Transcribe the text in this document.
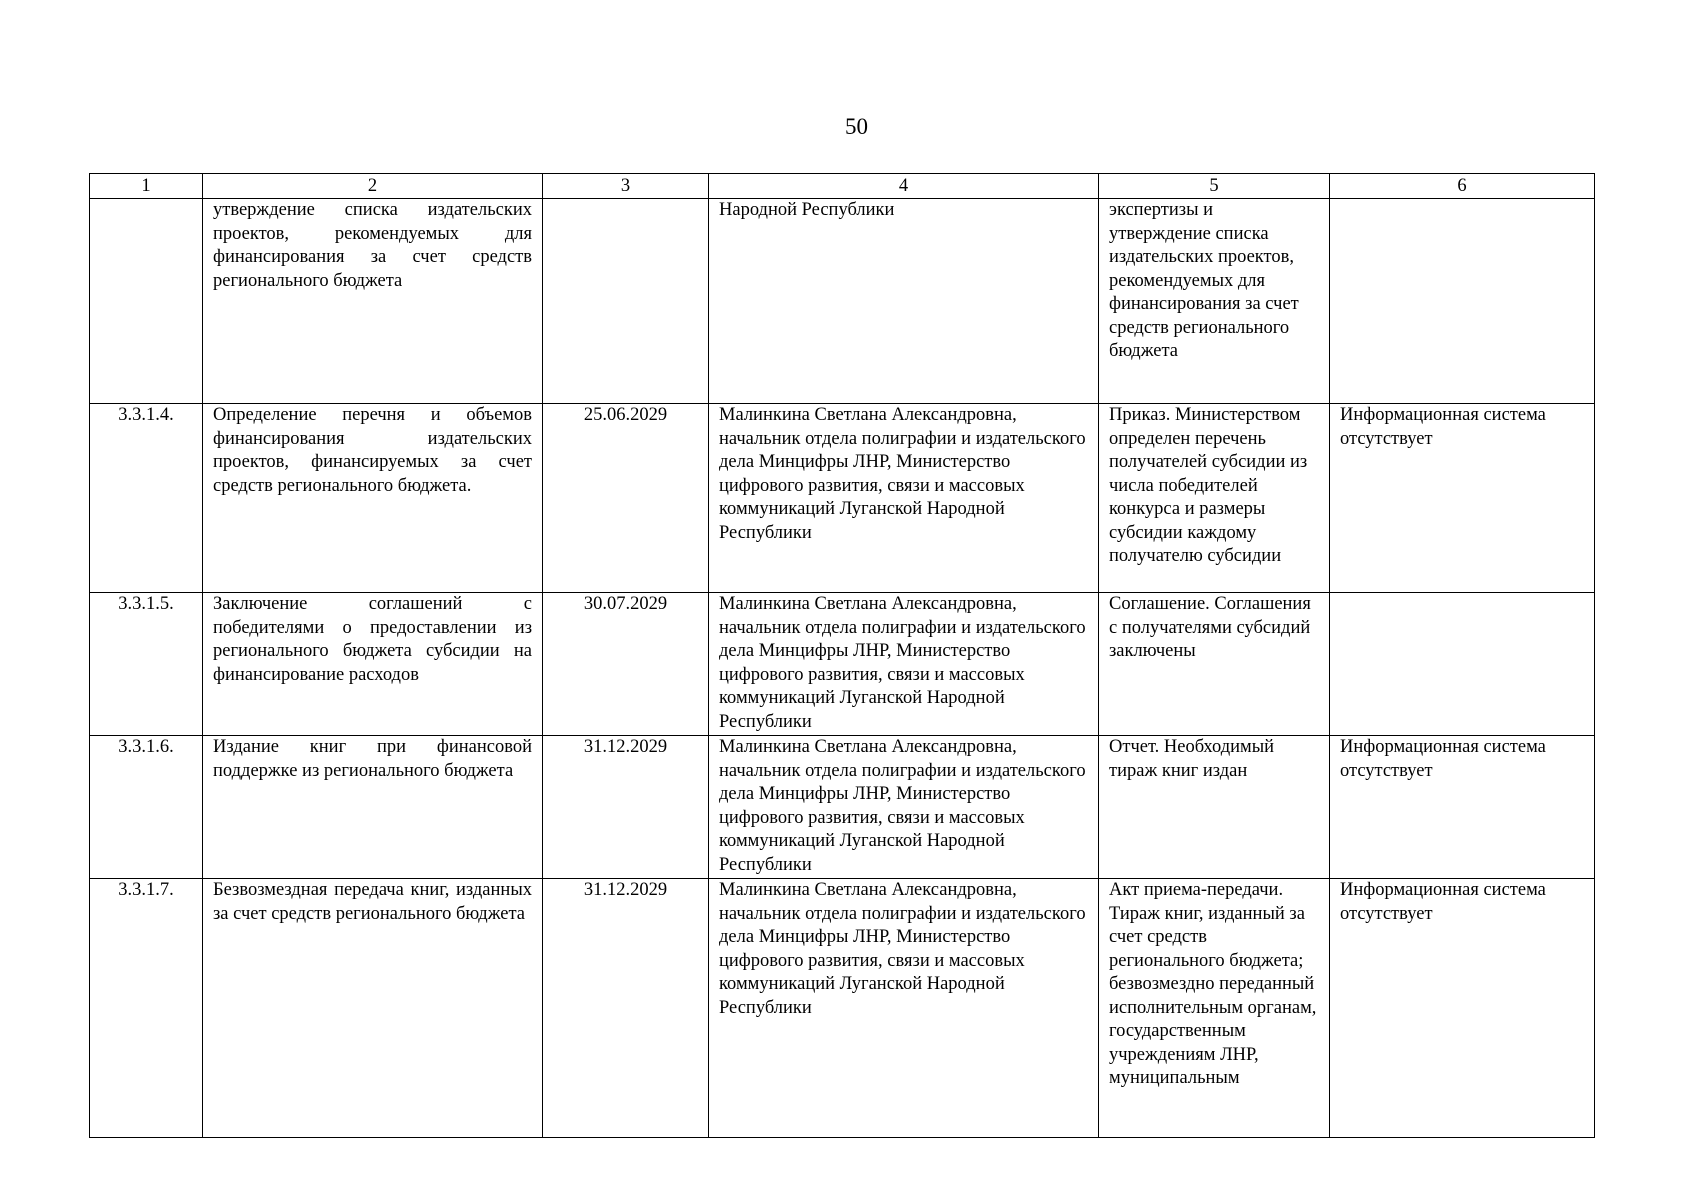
50
1	2	3	4	5	6
	утверждение списка издательских проектов, рекомендуемых для финансирования за счет средств регионального бюджета		Народной Республики	экспертизы и утверждение списка издательских проектов, рекомендуемых для финансирования за счет средств регионального бюджета	
3.3.1.4.	Определение перечня и объемов финансирования издательских проектов, финансируемых за счет средств регионального бюджета.	25.06.2029	Малинкина Светлана Александровна, начальник отдела полиграфии и издательского дела Минцифры ЛНР, Министерство цифрового развития, связи и массовых коммуникаций Луганской Народной Республики	Приказ. Министерством определен перечень получателей субсидии из числа победителей конкурса и размеры субсидии каждому получателю субсидии	Информационная система отсутствует
3.3.1.5.	Заключение соглашений с победителями о предоставлении из регионального бюджета субсидии на финансирование расходов	30.07.2029	Малинкина Светлана Александровна, начальник отдела полиграфии и издательского дела Минцифры ЛНР, Министерство цифрового развития, связи и массовых коммуникаций Луганской Народной Республики	Соглашение. Соглашения с получателями субсидий заключены	
3.3.1.6.	Издание книг при финансовой поддержке из регионального бюджета	31.12.2029	Малинкина Светлана Александровна, начальник отдела полиграфии и издательского дела Минцифры ЛНР, Министерство цифрового развития, связи и массовых коммуникаций Луганской Народной Республики	Отчет. Необходимый тираж книг издан	Информационная система отсутствует
3.3.1.7.	Безвозмездная передача книг, изданных за счет средств регионального бюджета	31.12.2029	Малинкина Светлана Александровна, начальник отдела полиграфии и издательского дела Минцифры ЛНР, Министерство цифрового развития, связи и массовых коммуникаций Луганской Народной Республики	Акт приема-передачи. Тираж книг, изданный за счет средств регионального бюджета; безвозмездно переданный исполнительным органам, государственным учреждениям ЛНР, муниципальным	Информационная система отсутствует
